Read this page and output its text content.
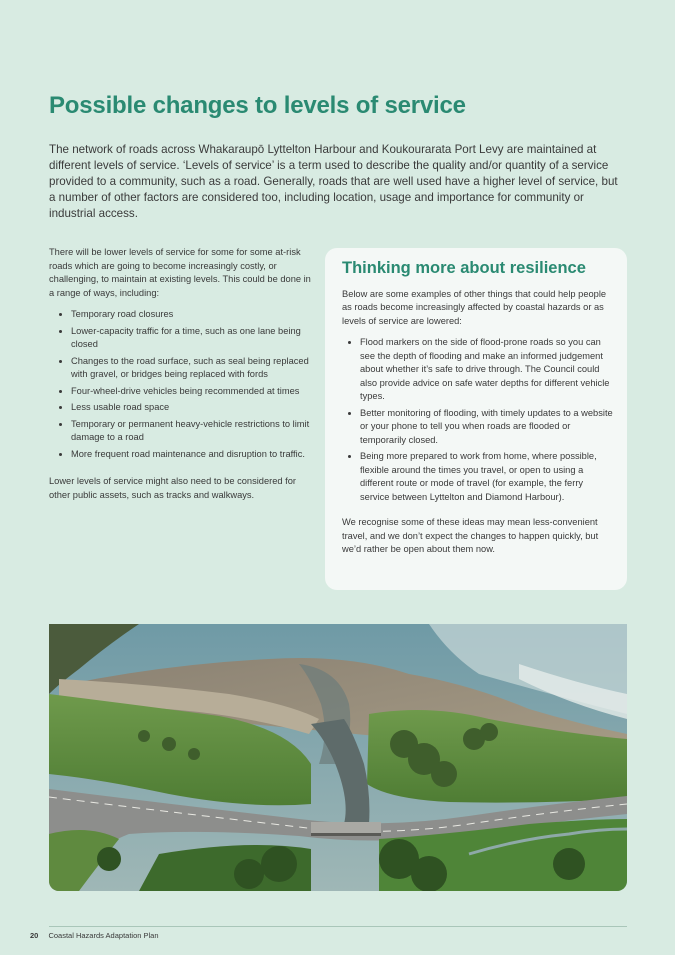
Possible changes to levels of service

The network of roads across Whakaraupō Lyttelton Harbour and Koukourarata Port Levy are maintained at different levels of service. ‘Levels of service’ is a term used to describe the quality and/or quantity of a service provided to a community, such as a road. Generally, roads that are well used have a higher level of service, but a number of other factors are considered too, including location, usage and importance for community or industrial access.

There will be lower levels of service for some for some at-risk roads which are going to become increasingly costly, or challenging, to maintain at existing levels. This could be done in a range of ways, including:

• Temporary road closures
• Lower-capacity traffic for a time, such as one lane being closed
• Changes to the road surface, such as seal being replaced with gravel, or bridges being replaced with fords
• Four-wheel-drive vehicles being recommended at times
• Less usable road space
• Temporary or permanent heavy-vehicle restrictions to limit damage to a road
• More frequent road maintenance and disruption to traffic.

Lower levels of service might also need to be considered for other public assets, such as tracks and walkways.

Thinking more about resilience

Below are some examples of other things that could help people as roads become increasingly affected by coastal hazards or as levels of service are lowered:

• Flood markers on the side of flood-prone roads so you can see the depth of flooding and make an informed judgement about whether it’s safe to drive through. The Council could also provide advice on safe water depths for different vehicle types.
• Better monitoring of flooding, with timely updates to a website or your phone to tell you when roads are flooded or temporarily closed.
• Being more prepared to work from home, where possible, flexible around the times you travel, or open to using a different route or mode of travel (for example, the ferry service between Lyttelton and Diamond Harbour).

We recognise some of these ideas may mean less-convenient travel, and we don’t expect the changes to happen quickly, but we’d rather be open about them now.

20 Coastal Hazards Adaptation Plan
